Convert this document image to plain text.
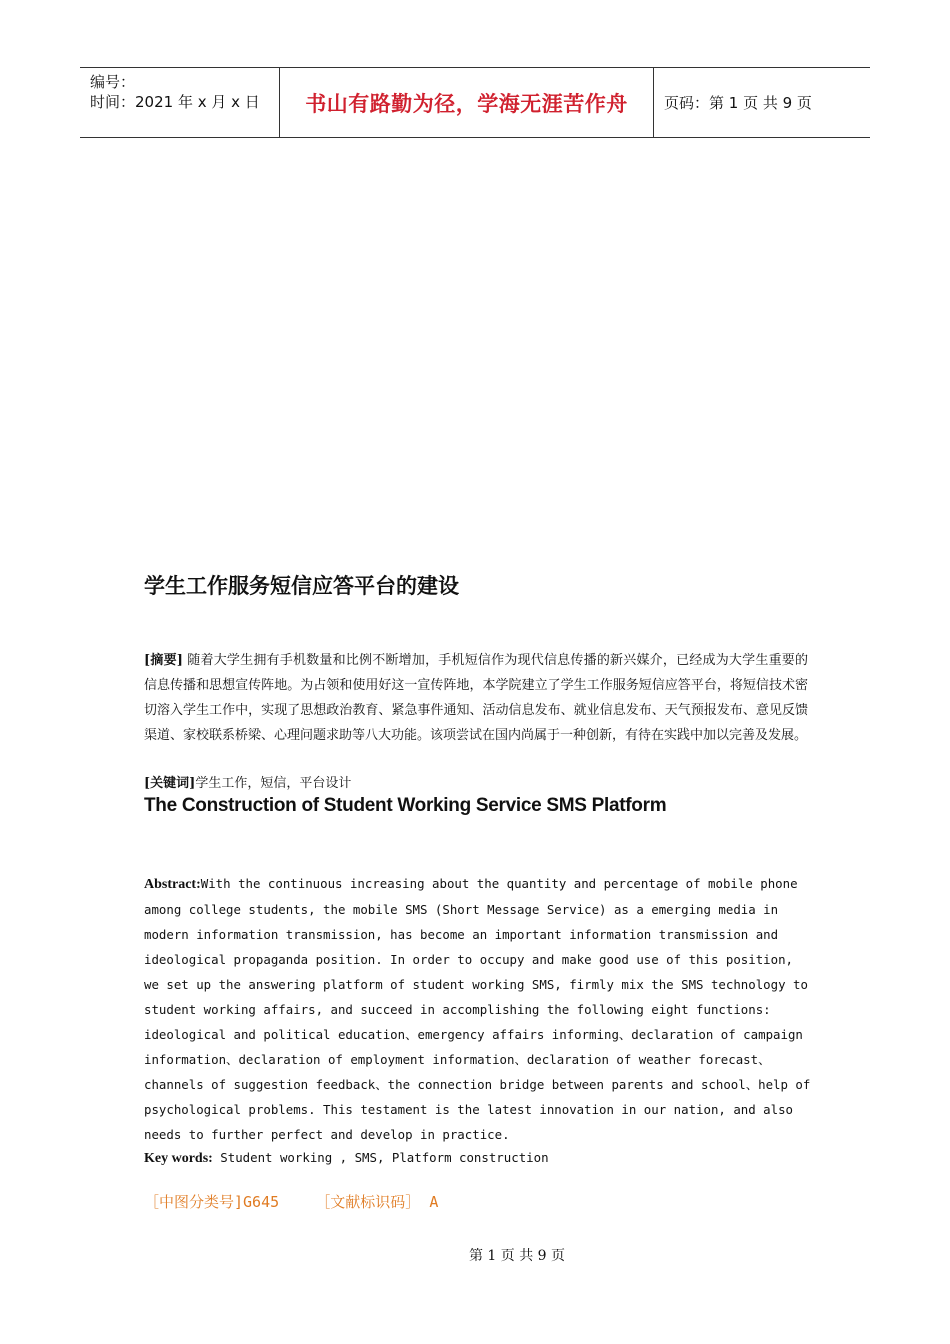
编号：
时间：2021 年 x 月 x 日	书山有路勤为径，学海无涯苦作舟	页码：第 1 页 共 9 页
学生工作服务短信应答平台的建设

[摘要] 随着大学生拥有手机数量和比例不断增加，手机短信作为现代信息传播的新兴媒介，已经成为大学生重要的信息传播和思想宣传阵地。为占领和使用好这一宣传阵地，本学院建立了学生工作服务短信应答平台，将短信技术密切溶入学生工作中，实现了思想政治教育、紧急事件通知、活动信息发布、就业信息发布、天气预报发布、意见反馈渠道、家校联系桥梁、心理问题求助等八大功能。该项尝试在国内尚属于一种创新，有待在实践中加以完善及发展。

[关键词]学生工作，短信，平台设计

The Construction of Student Working Service SMS Platform

Abstract:With the continuous increasing about the quantity and percentage of mobile phone among college students, the mobile SMS (Short Message Service) as a emerging media in modern information transmission, has become an important information transmission and ideological propaganda position. In order to occupy and make good use of this position, we set up the answering platform of student working SMS, firmly mix the SMS technology to student working affairs, and succeed in accomplishing the following eight functions: ideological and political education、emergency affairs informing、declaration of campaign information、declaration of employment information、declaration of weather forecast、channels of suggestion feedback、the connection bridge between parents and school、help of psychological problems. This testament is the latest innovation in our nation, and also needs to further perfect and develop in practice.

Key words: Student working , SMS, Platform construction

［中图分类号]G645 ［文献标识码］ A

第 1 页 共 9 页
